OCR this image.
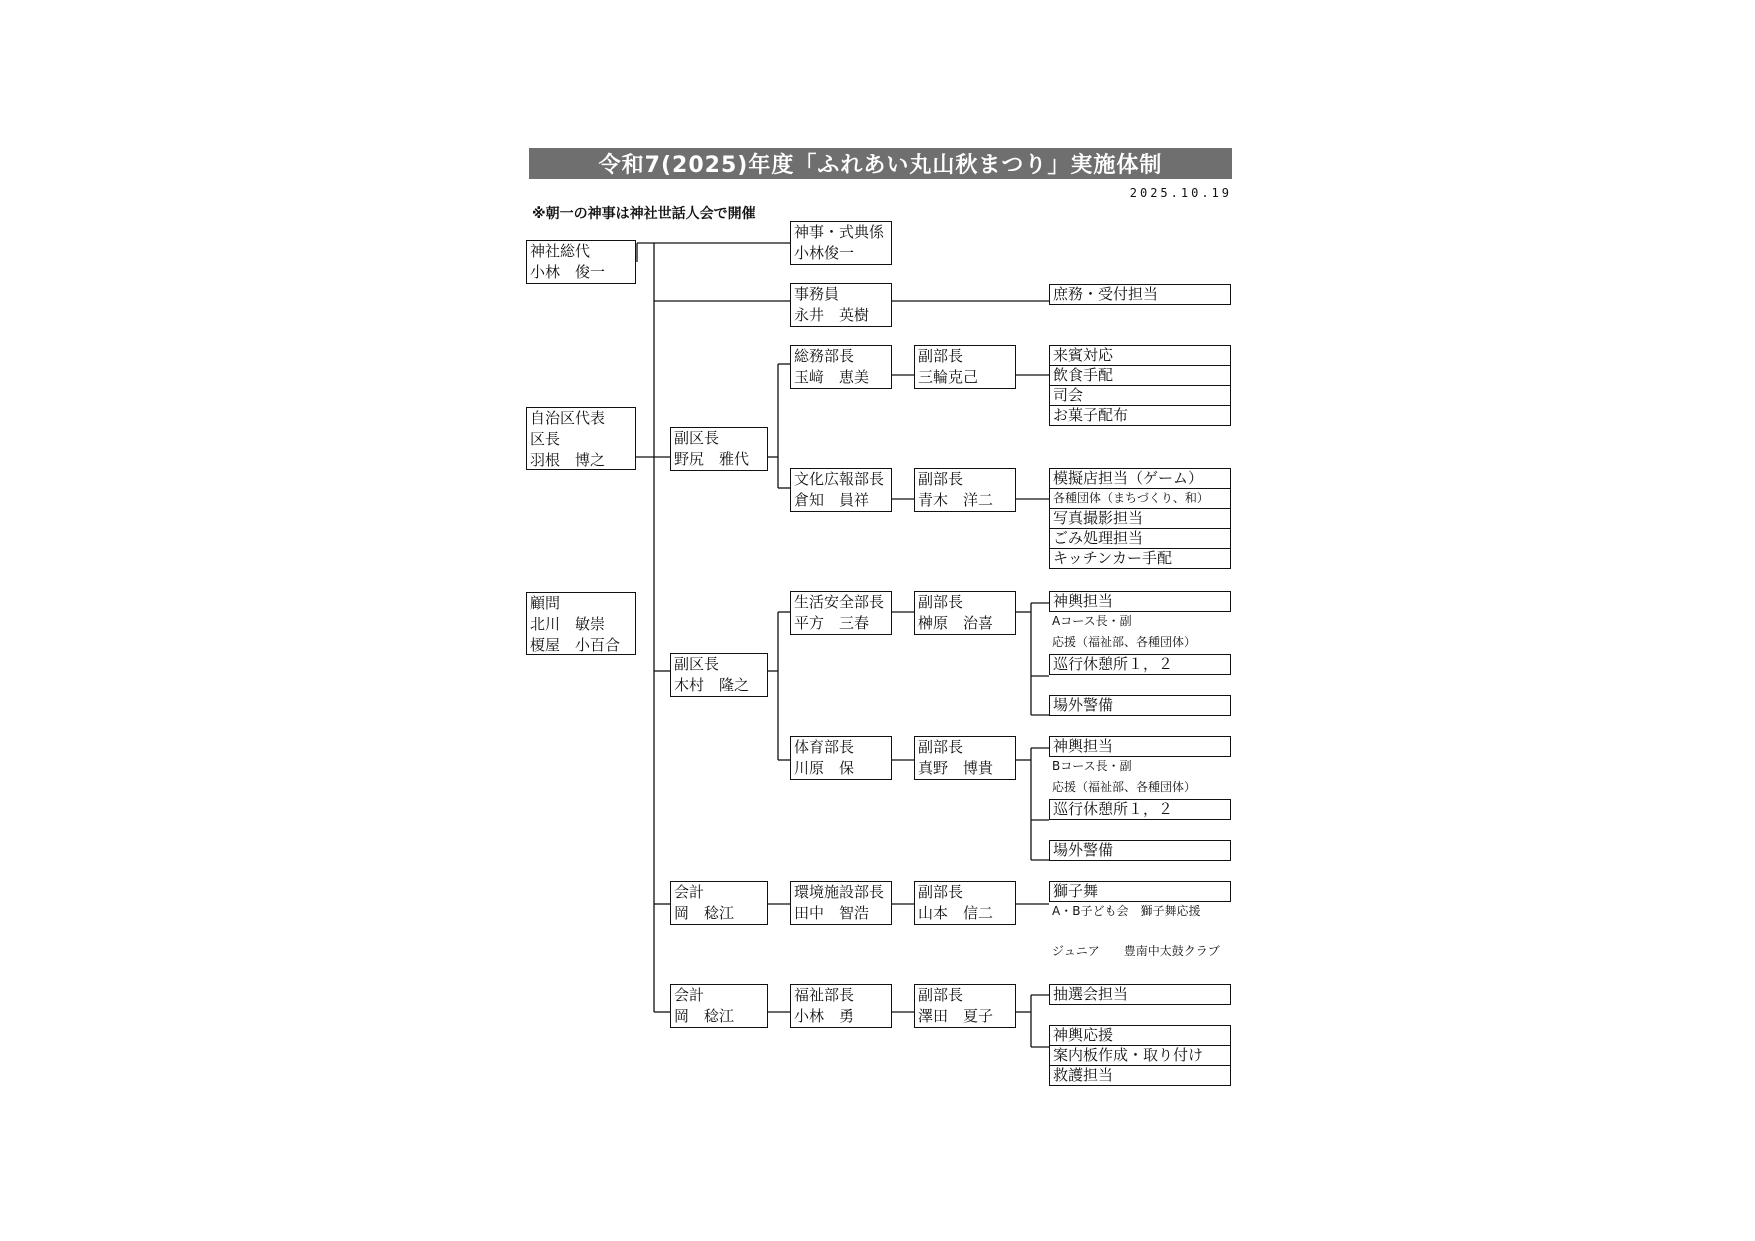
令和7(2025)年度「ふれあい丸山秋まつり」実施体制
2025.10.19
※朝一の神事は神社世話人会で開催
神社総代
小林　俊一
自治区代表
区長
羽根　博之
顧問
北川　敏崇
榎屋　小百合
副区長
野尻　雅代
副区長
木村　隆之
会計
岡　稔江
会計
岡　稔江
神事・式典係
小林俊一
事務員
永井　英樹
総務部長
玉﨑　恵美
文化広報部長
倉知　員祥
生活安全部長
平方　三春
体育部長
川原　保
環境施設部長
田中　智浩
福祉部長
小林　勇
副部長
三輪克己
副部長
青木　洋二
副部長
榊原　治喜
副部長
真野　博貴
副部長
山本　信二
副部長
澤田　夏子
庶務・受付担当
来賓対応
飲食手配
司会
お菓子配布
模擬店担当（ゲーム）
各種団体（まちづくり、和）
写真撮影担当
ごみ処理担当
キッチンカー手配
神輿担当
Aコース長・副
応援（福祉部、各種団体）
巡行休憩所１，２
場外警備
神輿担当
Bコース長・副
応援（福祉部、各種団体）
巡行休憩所１，２
場外警備
獅子舞
A・B子ども会　獅子舞応援
ジュニア　　豊南中太鼓クラブ
抽選会担当
神輿応援
案内板作成・取り付け
救護担当
